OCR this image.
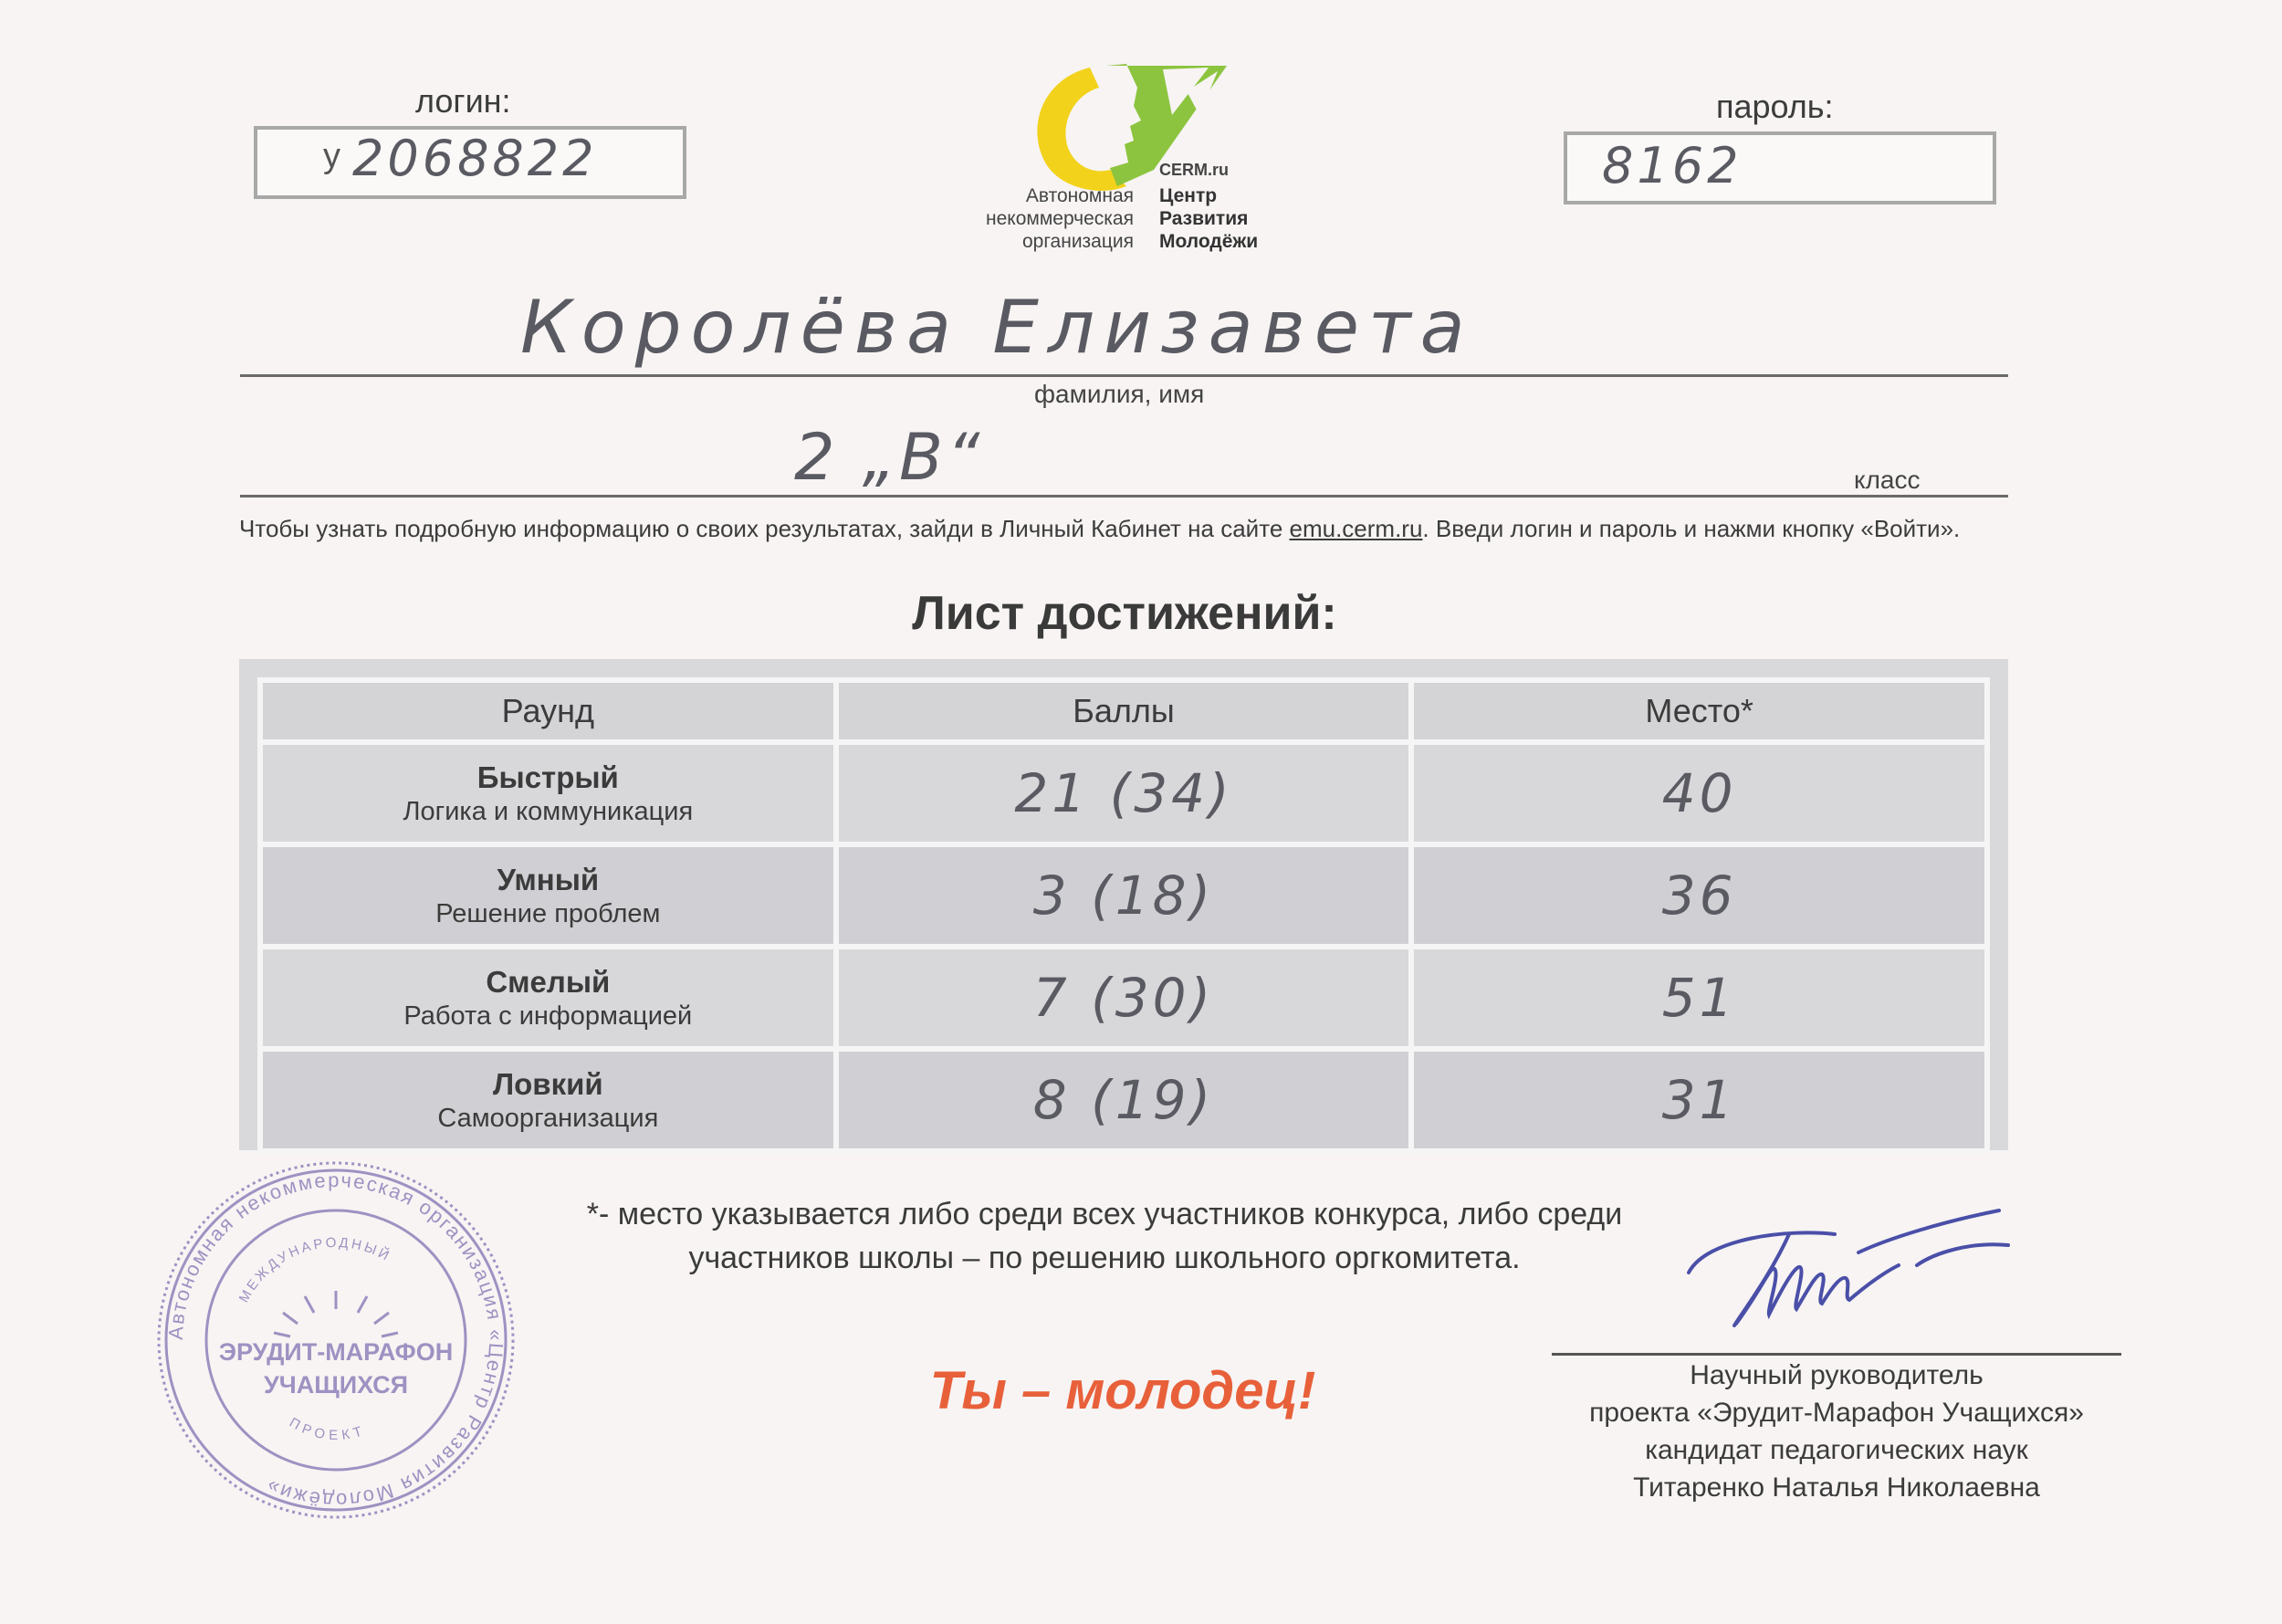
логин:
у 2068822
пароль:
8162
CERM.ru
Автономная
некоммерческая
организация
Центр
Развития
Молодёжи
Королёва Елизавета
фамилия, имя
2 „В“	класс
Чтобы узнать подробную информацию о своих результатах, зайди в Личный Кабинет на сайте emu.cerm.ru. Введи логин и пароль и нажми кнопку «Войти».
Лист достижений:
Раунд	Баллы	Место*

Быстрый
Логика и коммуникация	21 (34)	40

Умный
Решение проблем	3 (18)	36

Смелый
Работа с информацией	7 (30)	51

Ловкий
Самоорганизация	8 (19)	31
*- место указывается либо среди всех участников конкурса, либо среди
участников школы – по решению школьного оргкомитета.
Ты – молодец!
Автономная некоммерческая организация «Центр Развития Молодёжи»
МЕЖДУНАРОДНЫЙ
ЭРУДИТ-МАРАФОН
УЧАЩИХСЯ
ПРОЕКТ
Научный руководитель
проекта «Эрудит-Марафон Учащихся»
кандидат педагогических наук
Титаренко Наталья Николаевна
